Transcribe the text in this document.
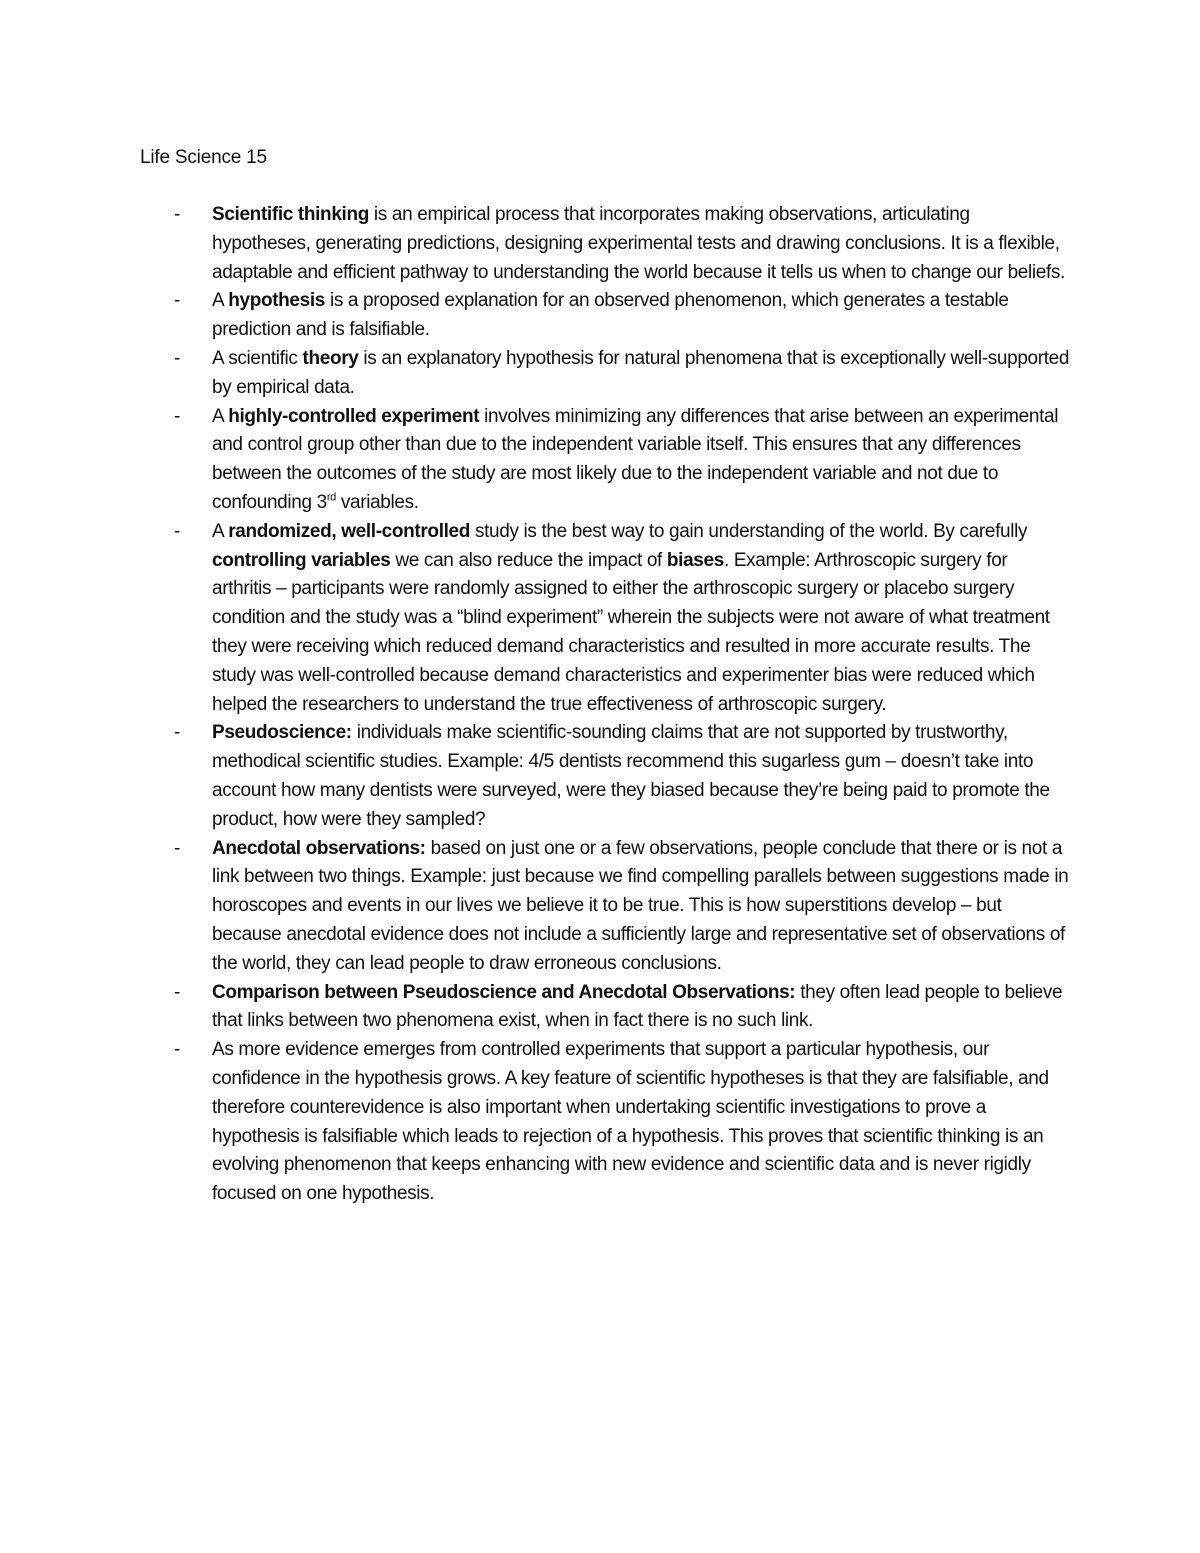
Life Science 15
- Scientific thinking is an empirical process that incorporates making observations, articulating hypotheses, generating predictions, designing experimental tests and drawing conclusions. It is a flexible, adaptable and efficient pathway to understanding the world because it tells us when to change our beliefs.
- A hypothesis is a proposed explanation for an observed phenomenon, which generates a testable prediction and is falsifiable.
- A scientific theory is an explanatory hypothesis for natural phenomena that is exceptionally well-supported by empirical data.
- A highly-controlled experiment involves minimizing any differences that arise between an experimental and control group other than due to the independent variable itself. This ensures that any differences between the outcomes of the study are most likely due to the independent variable and not due to confounding 3rd variables.
- A randomized, well-controlled study is the best way to gain understanding of the world. By carefully controlling variables we can also reduce the impact of biases. Example: Arthroscopic surgery for arthritis – participants were randomly assigned to either the arthroscopic surgery or placebo surgery condition and the study was a “blind experiment” wherein the subjects were not aware of what treatment they were receiving which reduced demand characteristics and resulted in more accurate results. The study was well-controlled because demand characteristics and experimenter bias were reduced which helped the researchers to understand the true effectiveness of arthroscopic surgery.
- Pseudoscience: individuals make scientific-sounding claims that are not supported by trustworthy, methodical scientific studies. Example: 4/5 dentists recommend this sugarless gum – doesn’t take into account how many dentists were surveyed, were they biased because they’re being paid to promote the product, how were they sampled?
- Anecdotal observations: based on just one or a few observations, people conclude that there or is not a link between two things. Example: just because we find compelling parallels between suggestions made in horoscopes and events in our lives we believe it to be true. This is how superstitions develop – but because anecdotal evidence does not include a sufficiently large and representative set of observations of the world, they can lead people to draw erroneous conclusions.
- Comparison between Pseudoscience and Anecdotal Observations: they often lead people to believe that links between two phenomena exist, when in fact there is no such link.
- As more evidence emerges from controlled experiments that support a particular hypothesis, our confidence in the hypothesis grows. A key feature of scientific hypotheses is that they are falsifiable, and therefore counterevidence is also important when undertaking scientific investigations to prove a hypothesis is falsifiable which leads to rejection of a hypothesis. This proves that scientific thinking is an evolving phenomenon that keeps enhancing with new evidence and scientific data and is never rigidly focused on one hypothesis.
